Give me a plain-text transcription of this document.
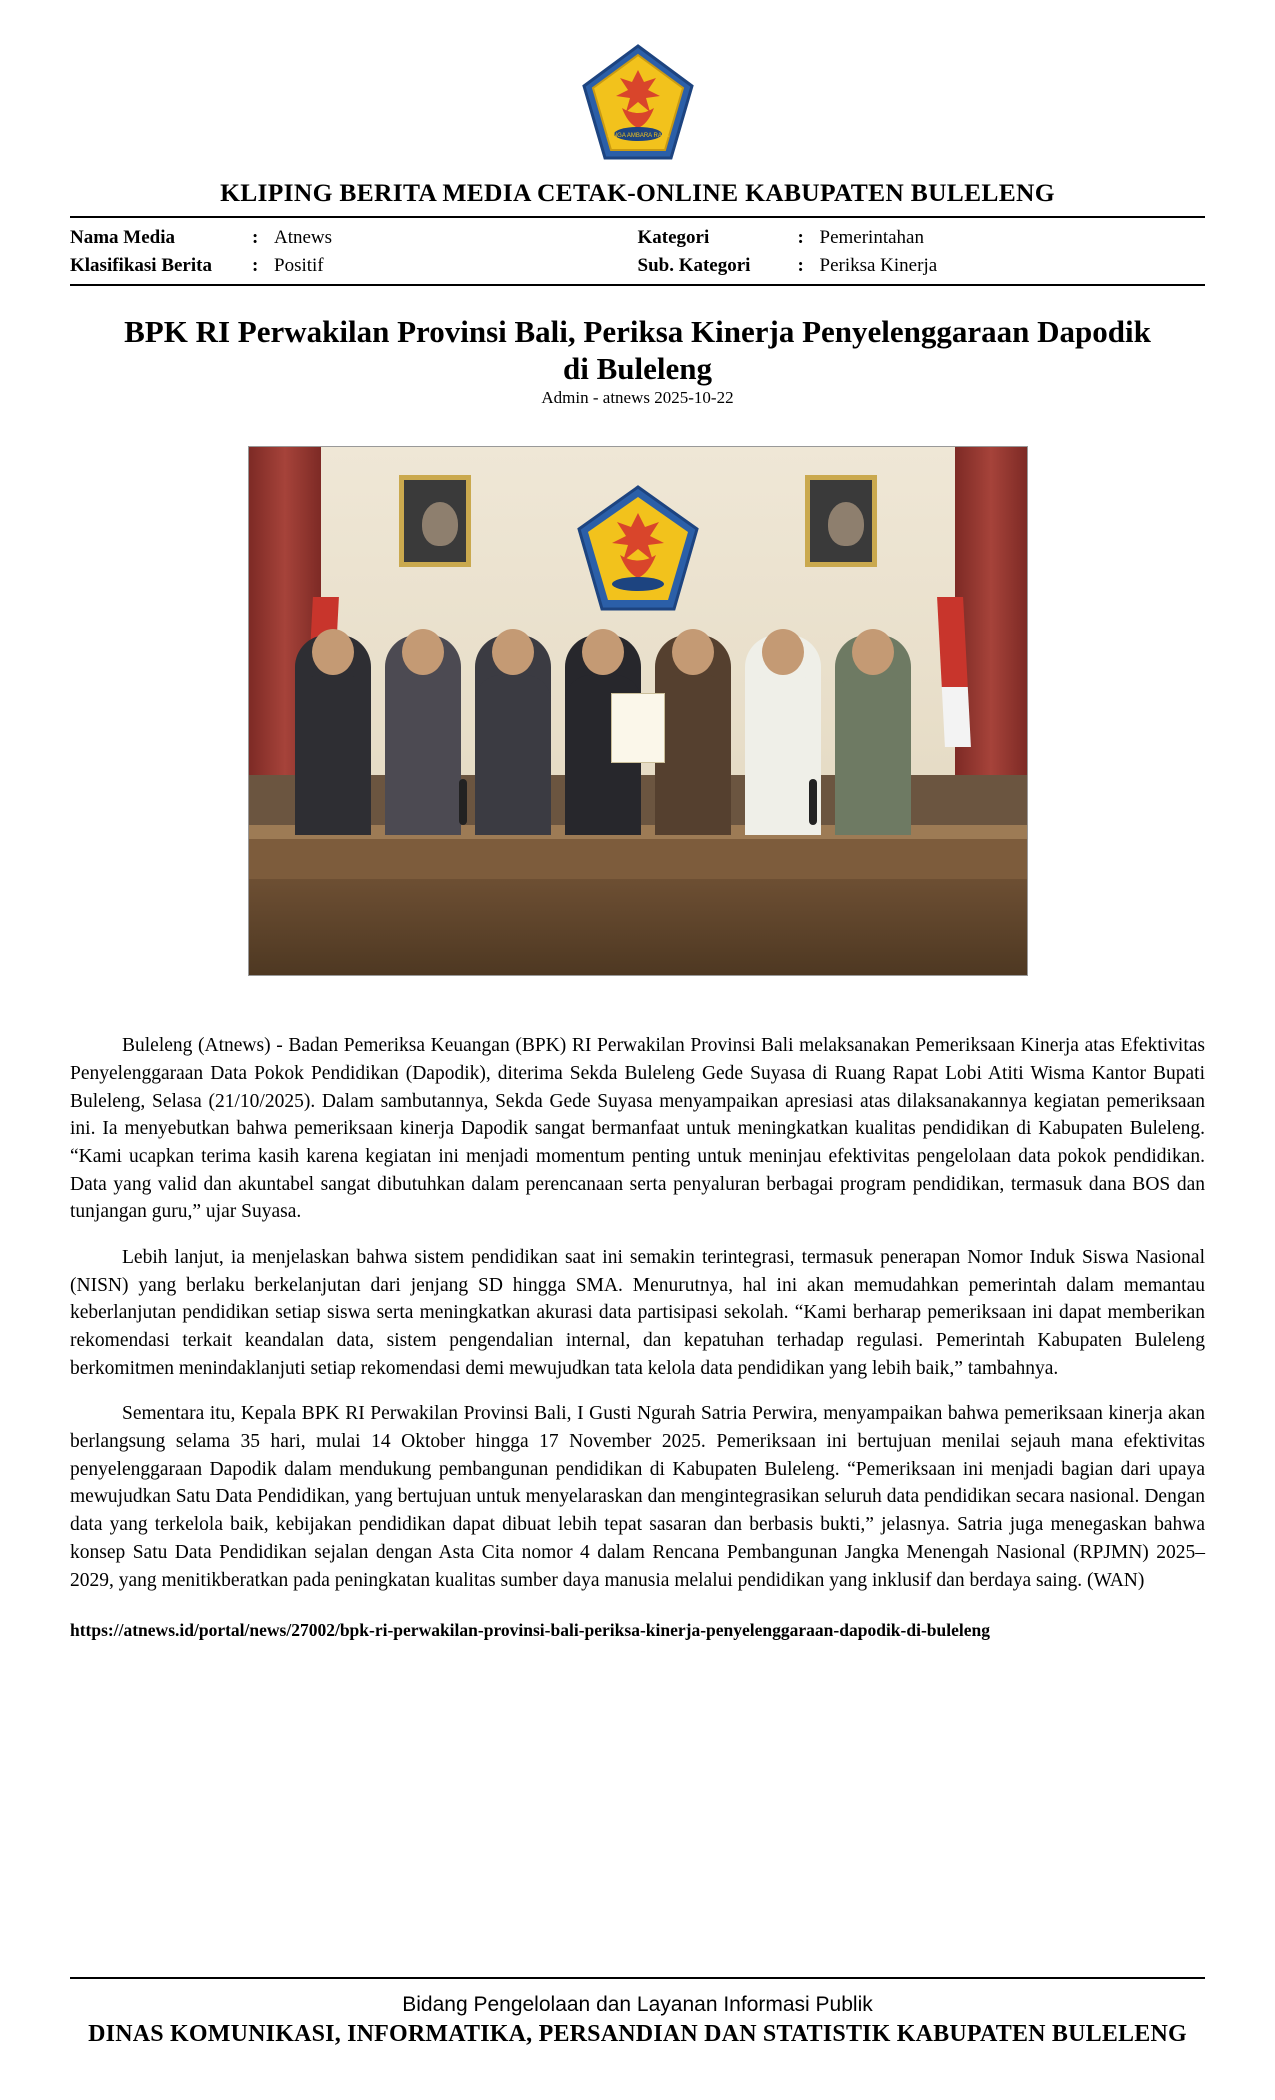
SINGA AMBARA RAJA
KLIPING BERITA MEDIA CETAK-ONLINE KABUPATEN BULELENG
Nama Media	: Atnews
Klasifikasi Berita	: Positif
Kategori	: Pemerintahan
Sub. Kategori	: Periksa Kinerja
BPK RI Perwakilan Provinsi Bali, Periksa Kinerja Penyelenggaraan Dapodik di Buleleng
Admin - atnews 2025-10-22

Buleleng (Atnews) - Badan Pemeriksa Keuangan (BPK) RI Perwakilan Provinsi Bali melaksanakan Pemeriksaan Kinerja atas Efektivitas Penyelenggaraan Data Pokok Pendidikan (Dapodik), diterima Sekda Buleleng Gede Suyasa di Ruang Rapat Lobi Atiti Wisma Kantor Bupati Buleleng, Selasa (21/10/2025). Dalam sambutannya, Sekda Gede Suyasa menyampaikan apresiasi atas dilaksanakannya kegiatan pemeriksaan ini. Ia menyebutkan bahwa pemeriksaan kinerja Dapodik sangat bermanfaat untuk meningkatkan kualitas pendidikan di Kabupaten Buleleng. “Kami ucapkan terima kasih karena kegiatan ini menjadi momentum penting untuk meninjau efektivitas pengelolaan data pokok pendidikan. Data yang valid dan akuntabel sangat dibutuhkan dalam perencanaan serta penyaluran berbagai program pendidikan, termasuk dana BOS dan tunjangan guru,” ujar Suyasa.

Lebih lanjut, ia menjelaskan bahwa sistem pendidikan saat ini semakin terintegrasi, termasuk penerapan Nomor Induk Siswa Nasional (NISN) yang berlaku berkelanjutan dari jenjang SD hingga SMA. Menurutnya, hal ini akan memudahkan pemerintah dalam memantau keberlanjutan pendidikan setiap siswa serta meningkatkan akurasi data partisipasi sekolah. “Kami berharap pemeriksaan ini dapat memberikan rekomendasi terkait keandalan data, sistem pengendalian internal, dan kepatuhan terhadap regulasi. Pemerintah Kabupaten Buleleng berkomitmen menindaklanjuti setiap rekomendasi demi mewujudkan tata kelola data pendidikan yang lebih baik,” tambahnya.

Sementara itu, Kepala BPK RI Perwakilan Provinsi Bali, I Gusti Ngurah Satria Perwira, menyampaikan bahwa pemeriksaan kinerja akan berlangsung selama 35 hari, mulai 14 Oktober hingga 17 November 2025. Pemeriksaan ini bertujuan menilai sejauh mana efektivitas penyelenggaraan Dapodik dalam mendukung pembangunan pendidikan di Kabupaten Buleleng. “Pemeriksaan ini menjadi bagian dari upaya mewujudkan Satu Data Pendidikan, yang bertujuan untuk menyelaraskan dan mengintegrasikan seluruh data pendidikan secara nasional. Dengan data yang terkelola baik, kebijakan pendidikan dapat dibuat lebih tepat sasaran dan berbasis bukti,” jelasnya. Satria juga menegaskan bahwa konsep Satu Data Pendidikan sejalan dengan Asta Cita nomor 4 dalam Rencana Pembangunan Jangka Menengah Nasional (RPJMN) 2025–2029, yang menitikberatkan pada peningkatan kualitas sumber daya manusia melalui pendidikan yang inklusif dan berdaya saing. (WAN)

https://atnews.id/portal/news/27002/bpk-ri-perwakilan-provinsi-bali-periksa-kinerja-penyelenggaraan-dapodik-di-buleleng
Bidang Pengelolaan dan Layanan Informasi Publik
DINAS KOMUNIKASI, INFORMATIKA, PERSANDIAN DAN STATISTIK KABUPATEN BULELENG
